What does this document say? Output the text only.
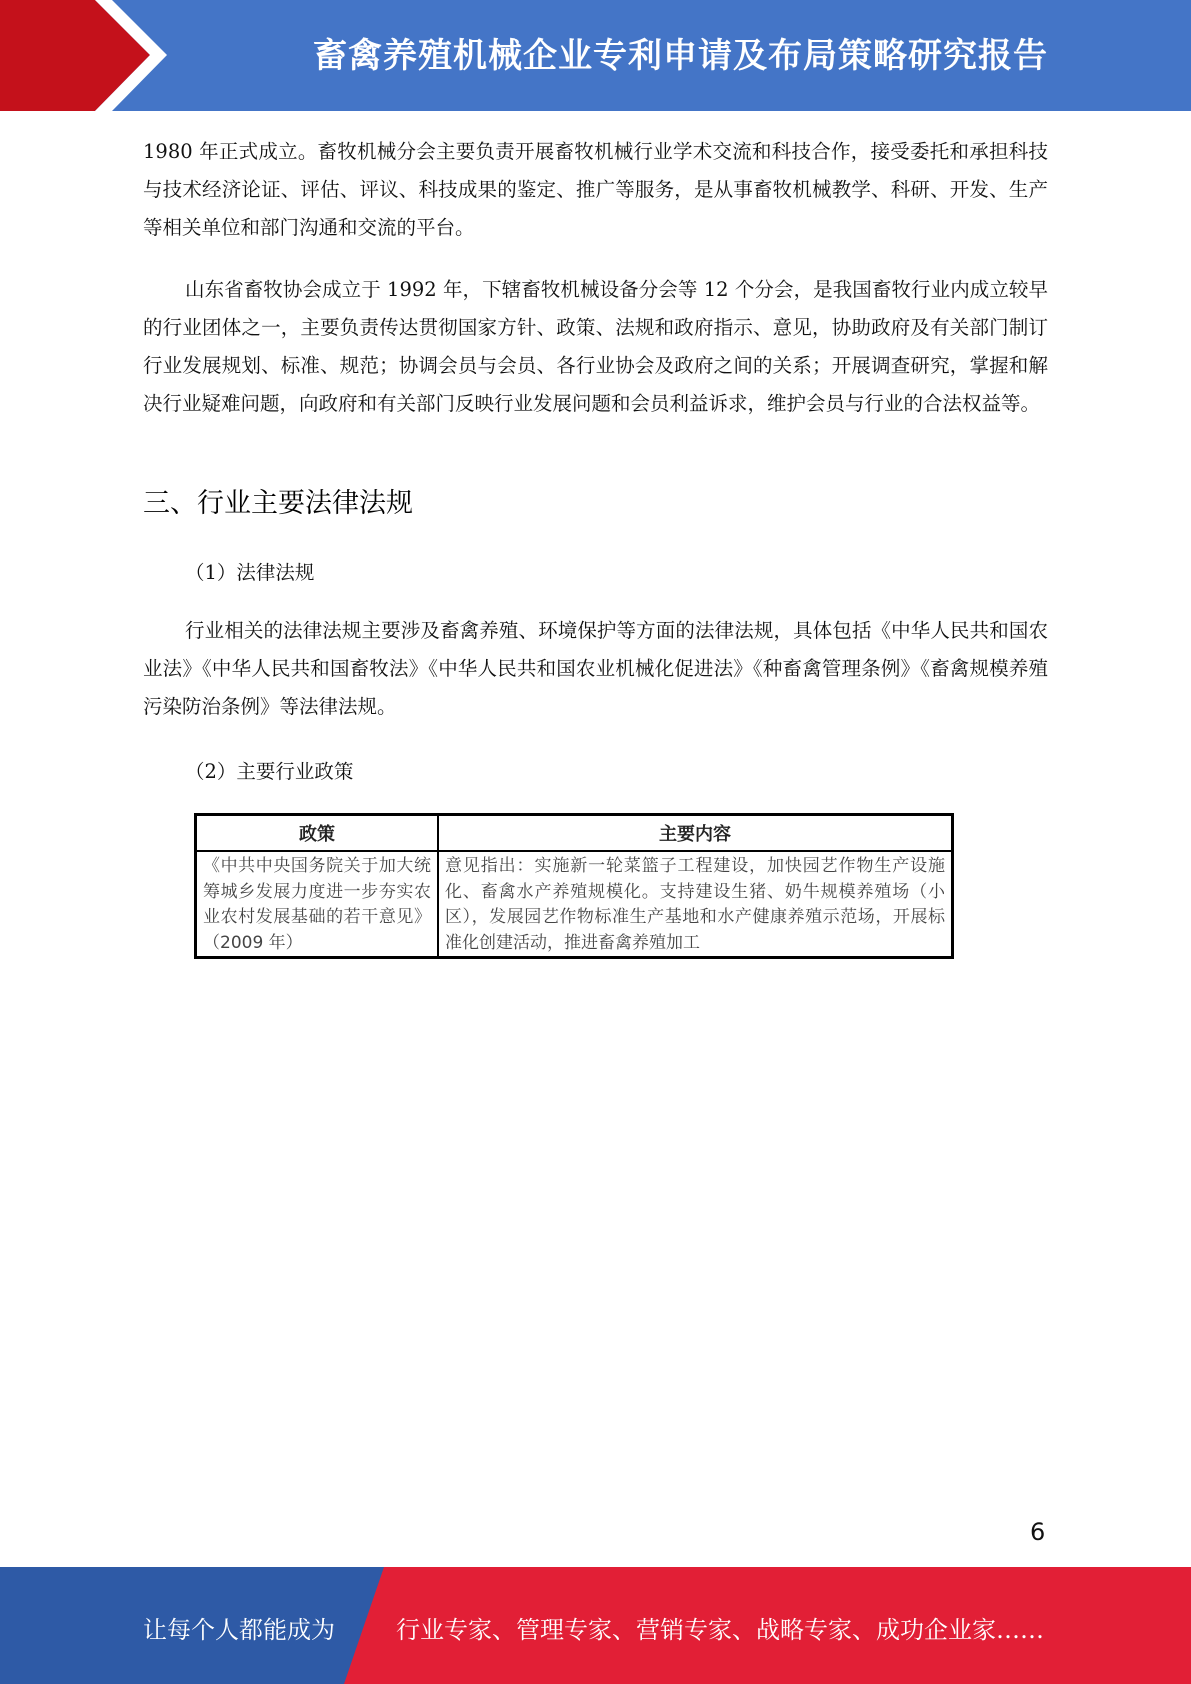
畜禽养殖机械企业专利申请及布局策略研究报告

1980 年正式成立。畜牧机械分会主要负责开展畜牧机械行业学术交流和科技合作，接受委托和承担科技与技术经济论证、评估、评议、科技成果的鉴定、推广等服务，是从事畜牧机械教学、科研、开发、生产等相关单位和部门沟通和交流的平台。

山东省畜牧协会成立于 1992 年，下辖畜牧机械设备分会等 12 个分会，是我国畜牧行业内成立较早的行业团体之一，主要负责传达贯彻国家方针、政策、法规和政府指示、意见，协助政府及有关部门制订行业发展规划、标准、规范；协调会员与会员、各行业协会及政府之间的关系；开展调查研究，掌握和解决行业疑难问题，向政府和有关部门反映行业发展问题和会员利益诉求，维护会员与行业的合法权益等。

三、行业主要法律法规

（1）法律法规

行业相关的法律法规主要涉及畜禽养殖、环境保护等方面的法律法规，具体包括《中华人民共和国农业法》《中华人民共和国畜牧法》《中华人民共和国农业机械化促进法》《种畜禽管理条例》《畜禽规模养殖污染防治条例》等法律法规。

（2）主要行业政策

政策	主要内容
《中共中央国务院关于加大统筹城乡发展力度进一步夯实农业农村发展基础的若干意见》（2009 年）	意见指出：实施新一轮菜篮子工程建设，加快园艺作物生产设施化、畜禽水产养殖规模化。支持建设生猪、奶牛规模养殖场（小区），发展园艺作物标准生产基地和水产健康养殖示范场，开展标准化创建活动，推进畜禽养殖加工
6
让每个人都能成为	行业专家、管理专家、营销专家、战略专家、成功企业家……
